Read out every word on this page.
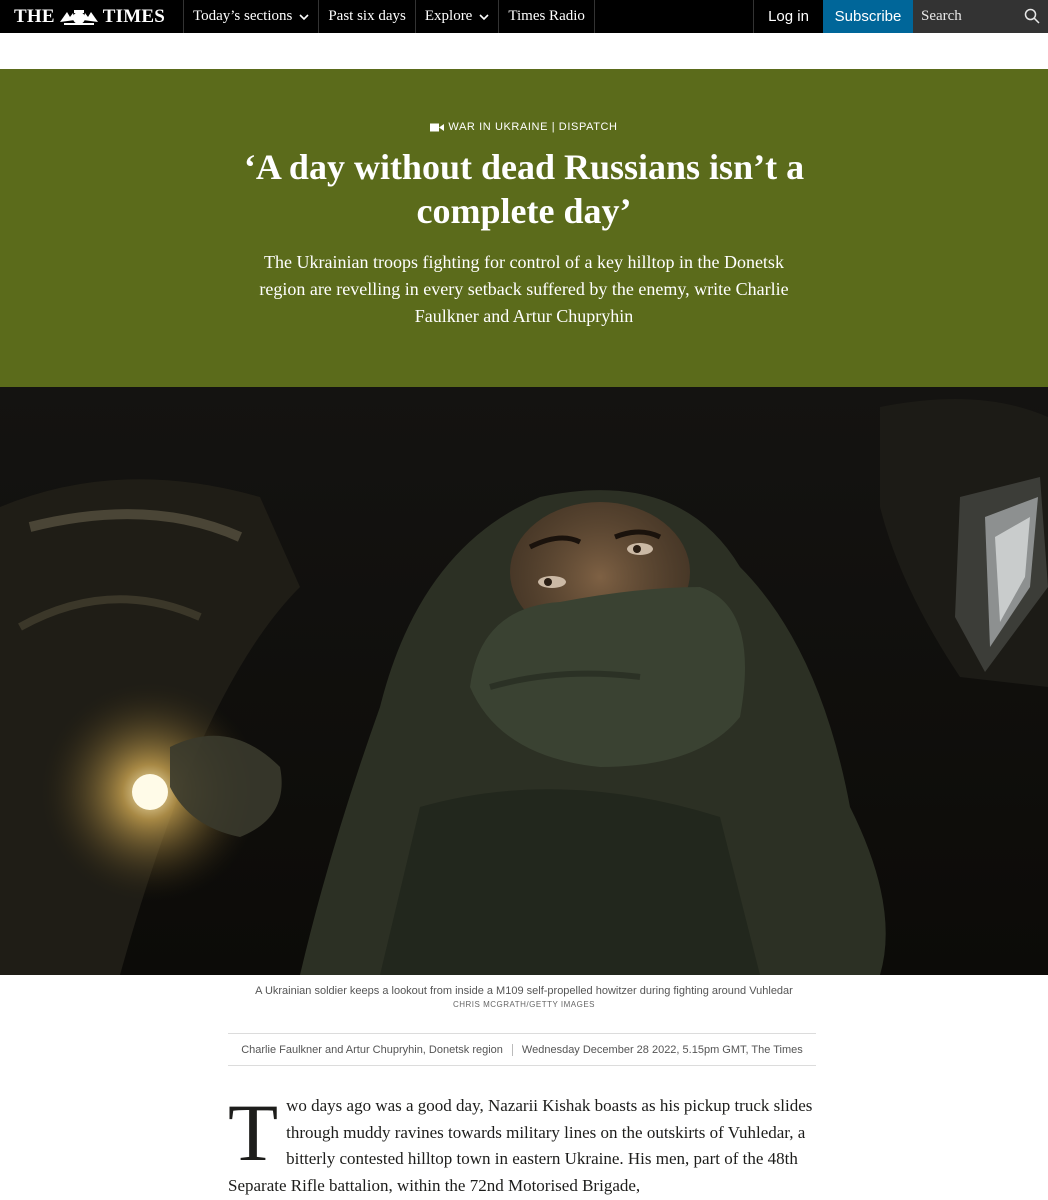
THE	TIMES Today’s sections Past six days Explore Times Radio	Log in	Subscribe
Search
WAR IN UKRAINE | DISPATCH
‘A day without dead Russians isn’t a complete day’

The Ukrainian troops fighting for control of a key hilltop in the Donetsk region are revelling in every setback suffered by the enemy, write Charlie Faulkner and Artur Chupryhin

A Ukrainian soldier keeps a lookout from inside a M109 self-propelled howitzer during fighting around Vuhledar
CHRIS MCGRATH/GETTY IMAGES
Charlie Faulkner and Artur Chupryhin, Donetsk region Wednesday December 28 2022, 5.15pm GMT, The Times
T wo days ago was a good day, Nazarii Kishak boasts as his pickup truck slides through muddy ravines towards military lines on the outskirts of Vuhledar, a bitterly contested hilltop town in eastern Ukraine. His men, part of the 48th Separate Rifle battalion, within the 72nd Motorised Brigade,
